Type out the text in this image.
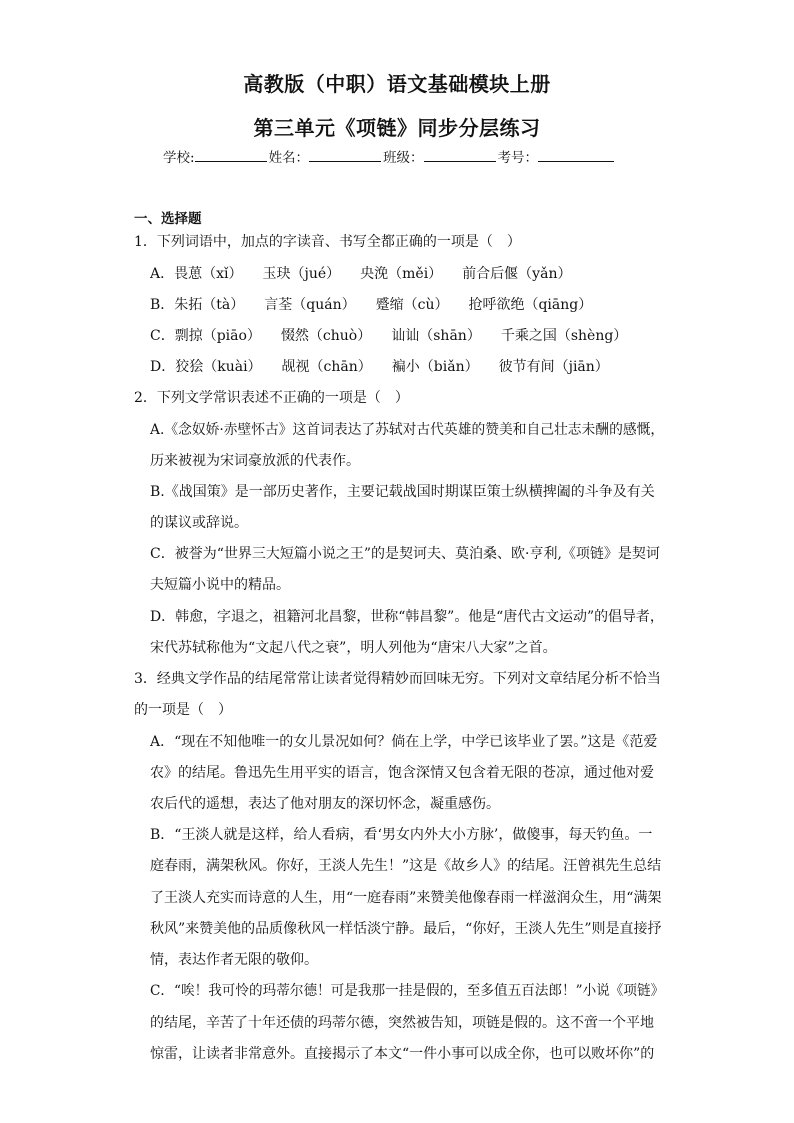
高教版（中职）语文基础模块上册
第三单元《项链》同步分层练习
学校:	姓名：	班级：	考号：
一、选择题
1．下列词语中，加点的字读音、书写全都正确的一项是（　）
A．畏葸（xǐ） 玉玦（jué） 央浼（měi） 前合后偃（yǎn）
B．朱拓（tà） 言荃（quán） 蹙缩（cù） 抢呼欲绝（qiāng）
C．剽掠（piāo） 惙然（chuò） 讪讪（shān） 千乘之国（shèng）
D．狡狯（kuài） 觇视（chān） 褊小（biǎn） 彼节有间（jiān）
2．下列文学常识表述不正确的一项是（　）
A.《念奴娇·赤壁怀古》这首词表达了苏轼对古代英雄的赞美和自己壮志未酬的感慨，
历来被视为宋词豪放派的代表作。
B.《战国策》是一部历史著作，主要记载战国时期谋臣策士纵横捭阖的斗争及有关
的谋议或辞说。
C．被誉为“世界三大短篇小说之王”的是契诃夫、莫泊桑、欧·亨利,《项链》是契诃
夫短篇小说中的精品。
D．韩愈，字退之，祖籍河北昌黎，世称“韩昌黎”。他是“唐代古文运动”的倡导者，
宋代苏轼称他为“文起八代之衰”，明人列他为“唐宋八大家”之首。
3．经典文学作品的结尾常常让读者觉得精妙而回味无穷。下列对文章结尾分析不恰当
的一项是（　）
A．“现在不知他唯一的女儿景况如何？倘在上学，中学已该毕业了罢。”这是《范爱
农》的结尾。鲁迅先生用平实的语言，饱含深情又包含着无限的苍凉，通过他对爱
农后代的遥想，表达了他对朋友的深切怀念，凝重感伤。
B．“王淡人就是这样，给人看病，看‘男女内外大小方脉’，做傻事，每天钓鱼。一
庭春雨，满架秋风。你好，王淡人先生！”这是《故乡人》的结尾。汪曾祺先生总结
了王淡人充实而诗意的人生，用“一庭春雨”来赞美他像春雨一样滋润众生，用“满架
秋风”来赞美他的品质像秋风一样恬淡宁静。最后，“你好，王淡人先生”则是直接抒
情，表达作者无限的敬仰。
C．“唉！我可怜的玛蒂尔德！可是我那一挂是假的，至多值五百法郎！”小说《项链》
的结尾，辛苦了十年还债的玛蒂尔德，突然被告知，项链是假的。这不啻一个平地
惊雷，让读者非常意外。直接揭示了本文“一件小事可以成全你，也可以败坏你”的
